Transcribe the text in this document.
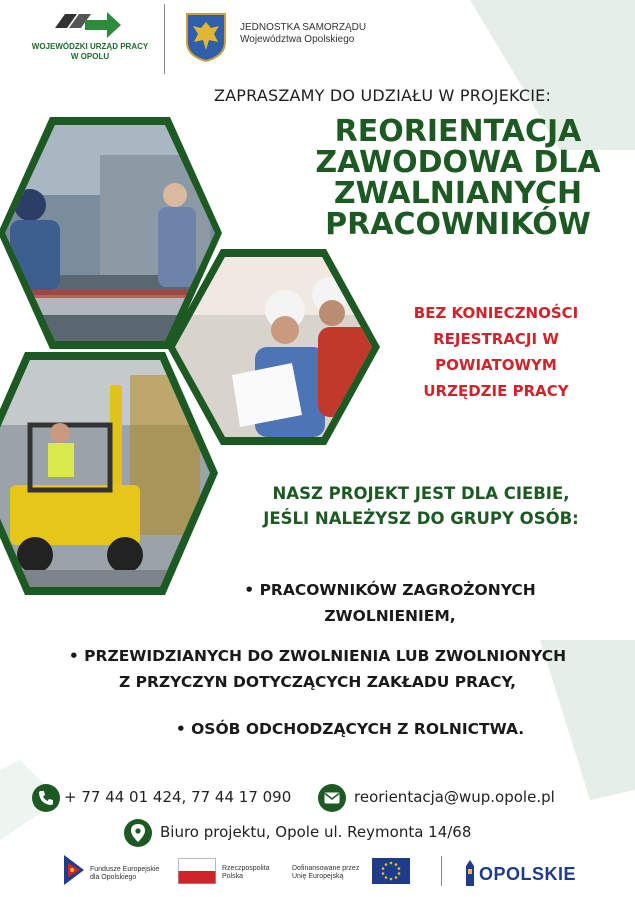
WOJEWÓDZKI URZĄD PRACY
W OPOLU
JEDNOSTKA SAMORZĄDU
Województwa Opolskiego
ZAPRASZAMY DO UDZIAŁU W PROJEKCIE:
REORIENTACJA
ZAWODOWA DLA
ZWALNIANYCH
PRACOWNIKÓW
BEZ KONIECZNOŚCI
REJESTRACJI W
POWIATOWYM
URZĘDZIE PRACY
NASZ PROJEKT JEST DLA CIEBIE,
JEŚLI NALEŻYSZ DO GRUPY OSÓB:
• PRACOWNIKÓW ZAGROŻONYCH
ZWOLNIENIEM,
• PRZEWIDZIANYCH DO ZWOLNIENIA LUB ZWOLNIONYCH
Z PRZYCZYN DOTYCZĄCYCH ZAKŁADU PRACY,
• OSÓB ODCHODZĄCYCH Z ROLNICTWA.
+ 77 44 01 424, 77 44 17 090	reorientacja@wup.opole.pl
Biuro projektu, Opole ul. Reymonta 14/68
Fundusze Europejskie
dla Opolskiego
Rzeczpospolita
Polska
Dofinansowane przez
Unię Europejską	OPOLSKIE
